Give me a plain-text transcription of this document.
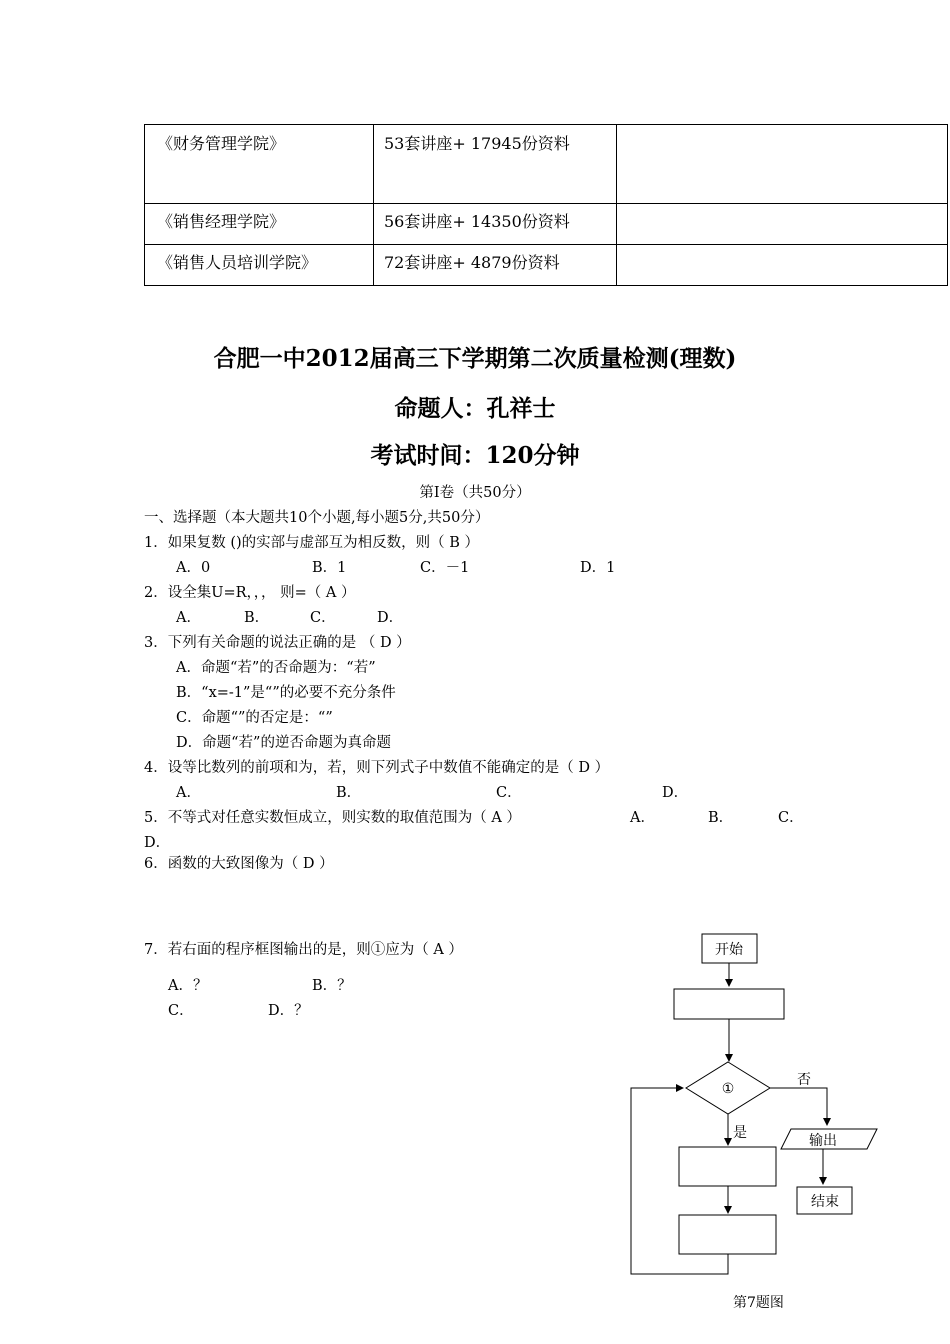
《财务管理学院》	53套讲座+ 17945份资料	

《销售经理学院》	56套讲座+ 14350份资料	
《销售人员培训学院》	72套讲座+ 4879份资料	
合肥一中2012届高三下学期第二次质量检测(理数)
命题人：孔祥士
考试时间：120分钟
第Ⅰ卷（共50分）
一、选择题（本大题共10个小题,每小题5分,共50分）
1．如果复数 ()的实部与虚部互为相反数，则（ B ）
A．0	B．1	C．－1	D．1
2．设全集U=R，，， 则=（ A ）
A．	B．	C．	D．
3．下列有关命题的说法正确的是 （ D ）
A．命题“若”的否命题为：“若”
B．“x=-1”是“”的必要不充分条件
C．命题“”的否定是：“”
D．命题“若”的逆否命题为真命题
4．设等比数列的前项和为，若，则下列式子中数值不能确定的是（ D ）
A．	B．	C．	D．
5．不等式对任意实数恒成立，则实数的取值范围为（ A ）	A．	B．	C．
D．
6．函数的大致图像为（ D ）
7．若右面的程序框图输出的是，则①应为（ A ）
A．？	B．？
C．	D．？
开始
①
否
是	输出
结束
第7题图
